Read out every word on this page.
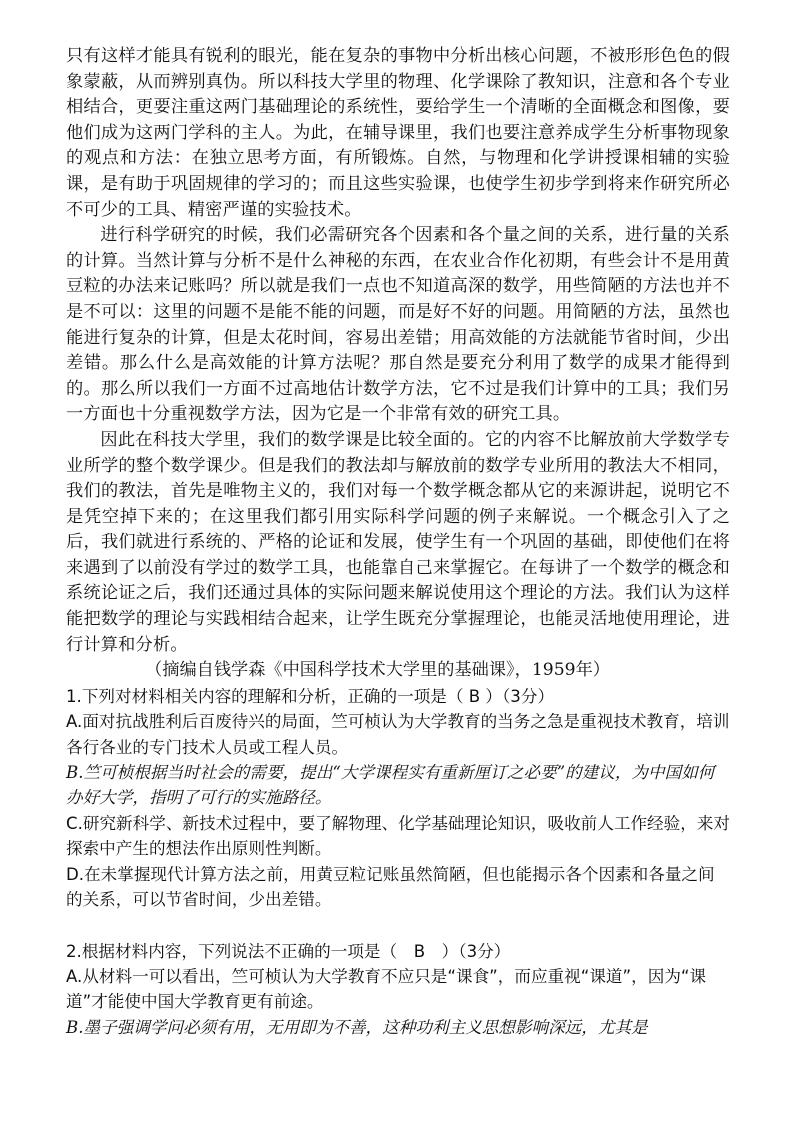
只有这样才能具有锐利的眼光，能在复杂的事物中分析出核心问题，不被形形色色的假象蒙蔽，从而辨别真伪。所以科技大学里的物理、化学课除了教知识，注意和各个专业相结合，更要注重这两门基础理论的系统性，要给学生一个清晰的全面概念和图像，要他们成为这两门学科的主人。为此，在辅导课里，我们也要注意养成学生分析事物现象的观点和方法：在独立思考方面，有所锻炼。自然，与物理和化学讲授课相辅的实验课，是有助于巩固规律的学习的；而且这些实验课，也使学生初步学到将来作研究所必不可少的工具、精密严谨的实验技术。

进行科学研究的时候，我们必需研究各个因素和各个量之间的关系，进行量的关系的计算。当然计算与分析不是什么神秘的东西，在农业合作化初期，有些会计不是用黄豆粒的办法来记账吗？所以就是我们一点也不知道高深的数学，用些简陋的方法也并不是不可以：这里的问题不是能不能的问题，而是好不好的问题。用简陋的方法，虽然也能进行复杂的计算，但是太花时间，容易出差错；用高效能的方法就能节省时间，少出差错。那么什么是高效能的计算方法呢？那自然是要充分利用了数学的成果才能得到的。那么所以我们一方面不过高地估计数学方法，它不过是我们计算中的工具；我们另一方面也十分重视数学方法，因为它是一个非常有效的研究工具。

因此在科技大学里，我们的数学课是比较全面的。它的内容不比解放前大学数学专业所学的整个数学课少。但是我们的教法却与解放前的数学专业所用的教法大不相同，我们的教法，首先是唯物主义的，我们对每一个数学概念都从它的来源讲起，说明它不是凭空掉下来的；在这里我们都引用实际科学问题的例子来解说。一个概念引入了之后，我们就进行系统的、严格的论证和发展，使学生有一个巩固的基础，即使他们在将来遇到了以前没有学过的数学工具，也能靠自己来掌握它。在每讲了一个数学的概念和系统论证之后，我们还通过具体的实际问题来解说使用这个理论的方法。我们认为这样能把数学的理论与实践相结合起来，让学生既充分掌握理论，也能灵活地使用理论，进行计算和分析。

（摘编自钱学森《中国科学技术大学里的基础课》，1959年）

1.下列对材料相关内容的理解和分析，正确的一项是（ B ）（3分）

A.面对抗战胜利后百废待兴的局面，竺可桢认为大学教育的当务之急是重视技术教育，培训各行各业的专门技术人员或工程人员。

B.竺可桢根据当时社会的需要，提出“大学课程实有重新厘订之必要”的建议，为中国如何办好大学，指明了可行的实施路径。

C.研究新科学、新技术过程中，要了解物理、化学基础理论知识，吸收前人工作经验，来对探索中产生的想法作出原则性判断。

D.在未掌握现代计算方法之前，用黄豆粒记账虽然简陋，但也能揭示各个因素和各量之间的关系，可以节省时间，少出差错。

2.根据材料内容，下列说法不正确的一项是（　B　）（3分）

A.从材料一可以看出，竺可桢认为大学教育不应只是“课食”，而应重视“课道”，因为“课道”才能使中国大学教育更有前途。

B.墨子强调学问必须有用，无用即为不善，这种功利主义思想影响深远，尤其是
